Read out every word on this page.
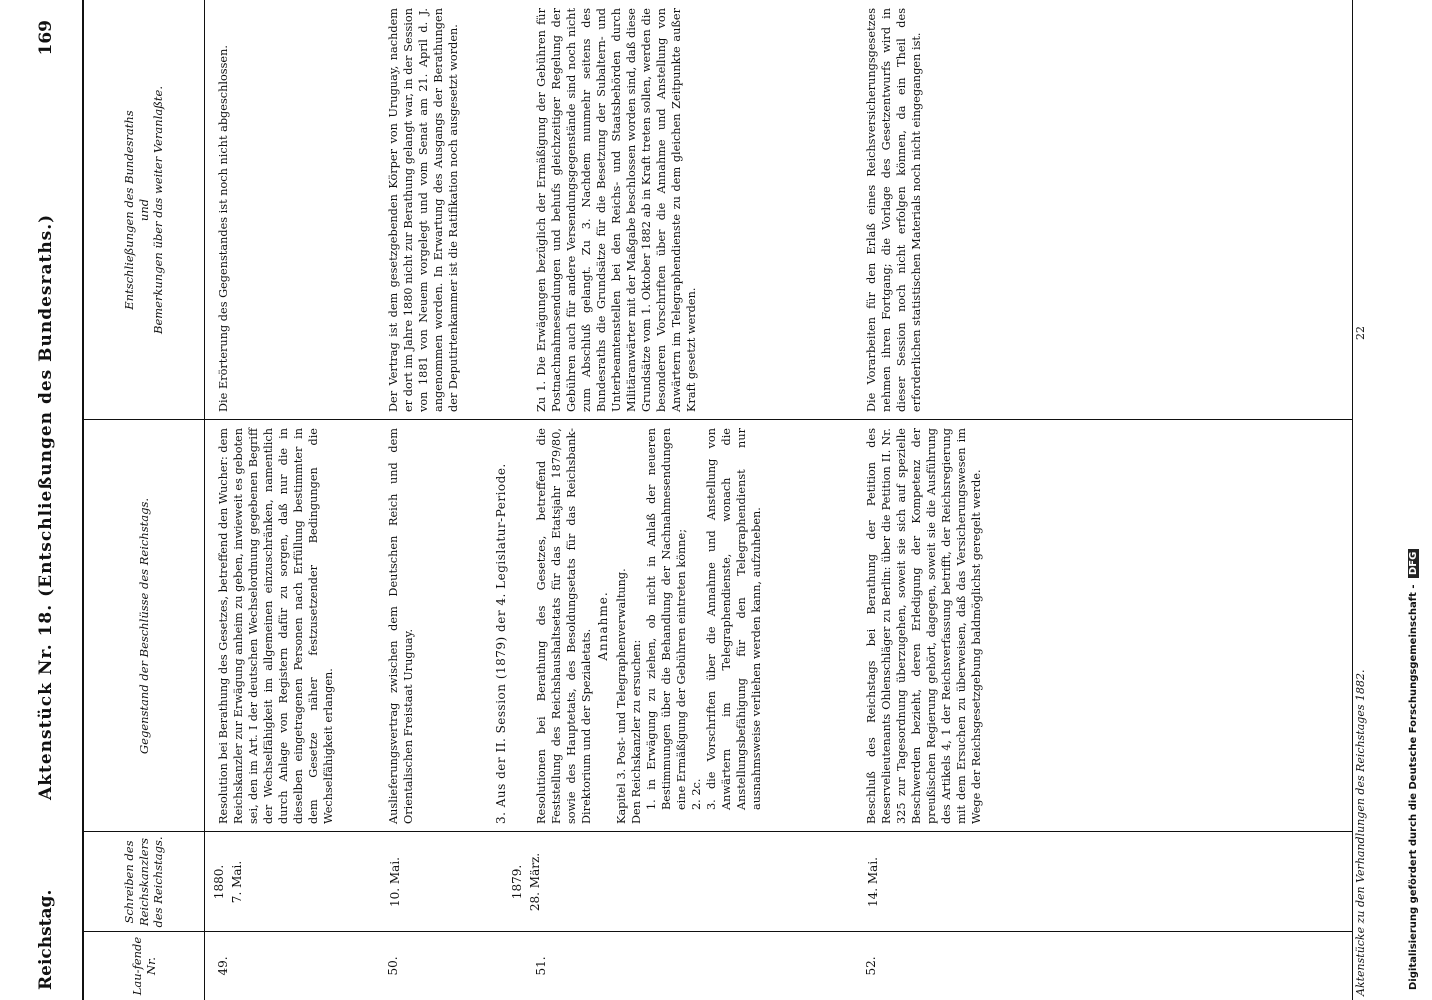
Reichstag.
Aktenstück Nr. 18. (Entschließungen des Bundesraths.)
169
Lau-fende Nr.
Schreiben des Reichskanzlers des Reichstags.
Gegenstand der Beschlüsse des Reichstags.
Entschließungen des Bundesraths und Bemerkungen über das weiter Veranlaßte.
49.
1880. 7. Mai.
Resolution bei Berathung des Gesetzes, betreffend den Wucher: dem Reichskanzler zur Erwägung anheim zu geben, inwieweit es geboten sei, den im Art. I der deutschen Wechselordnung gegebenen Begriff der Wechselfähigkeit im allgemeinen einzuschränken, namentlich durch Anlage von Registern dafür zu sorgen, daß nur die in dieselben eingetragenen Personen nach Erfüllung bestimmter in dem Gesetze näher festzusetzender Bedingungen die Wechselfähigkeit erlangen.
Die Erörterung des Gegenstandes ist noch nicht abgeschlossen.
50.
10. Mai.
Auslieferungsvertrag zwischen dem Deutschen Reich und dem Orientalischen Freistaat Uruguay.
Der Vertrag ist dem gesetzgebenden Körper von Uruguay, nachdem er dort im Jahre 1880 nicht zur Berathung gelangt war, in der Session von 1881 von Neuem vorgelegt und vom Senat am 21. April d. J. angenommen worden. In Erwartung des Ausgangs der Berathungen der Deputirtenkammer ist die Ratifikation noch ausgesetzt worden.
3. Aus der II. Session (1879) der 4. Legislatur-Periode.
51.
1879. 28. März.
Resolutionen bei Berathung des Gesetzes, betreffend die Feststellung des Reichshaushaltsetats für das Etatsjahr 1879/80, sowie des Hauptetats, des Besoldungsetats für das Reichsbank-Direktorium und der Spezialetats.
Annahme. Kapitel 3. Post- und Telegraphenverwaltung. Den Reichskanzler zu ersuchen: 1. in Erwägung zu ziehen, ob nicht in Anlaß der neueren Bestimmungen über die Behandlung der Nachnahmesendungen eine Ermäßigung der Gebühren eintreten könne; 2. 2c. 3. die Vorschriften über die Annahme und Anstellung von Anwärtern im Telegraphendienste, wonach die Anstellungsbefähigung für den Telegraphendienst nur ausnahmsweise verliehen werden kann, aufzuheben.
Zu 1. Die Erwägungen bezüglich der Ermäßigung der Gebühren für Postnachnahmesendungen und behufs gleichzeitiger Regelung der Gebühren auch für andere Versendungsgegenstände sind noch nicht zum Abschluß gelangt. Zu 3. Nachdem nunmehr seitens des Bundesraths die Grundsätze für die Besetzung der Subaltern- und Unterbeamtenstellen bei den Reichs- und Staatsbehörden durch Militäranwärter mit der Maßgabe beschlossen worden sind, daß diese Grundsätze vom 1. Oktober 1882 ab in Kraft treten sollen, werden die besonderen Vorschriften über die Annahme und Anstellung von Anwärtern im Telegraphendienste zu dem gleichen Zeitpunkte außer Kraft gesetzt werden.
52.
14. Mai.
Beschluß des Reichstags bei Berathung der Petition des Reservelieutenants Ohlenschläger zu Berlin: über die Petition II. Nr. 325 zur Tagesordnung überzugehen, soweit sie sich auf spezielle Beschwerden bezieht, deren Erledigung der Kompetenz der preußischen Regierung gehört, dagegen, soweit sie die Ausführung des Artikels 4, 1 der Reichsverfassung betrifft, der Reichsregierung mit dem Ersuchen zu überweisen, daß das Versicherungswesen im Wege der Reichsgesetzgebung baldmöglichst geregelt werde.
Die Vorarbeiten für den Erlaß eines Reichsversicherungsgesetzes nehmen ihren Fortgang; die Vorlage des Gesetzentwurfs wird in dieser Session noch nicht erfolgen können, da ein Theil des erforderlichen statistischen Materials noch nicht eingegangen ist.
Aktenstücke zu den Verhandlungen des Reichstages 1882.
22
Digitalisierung gefördert durch die Deutsche Forschungsgemeinschaft - DFG
